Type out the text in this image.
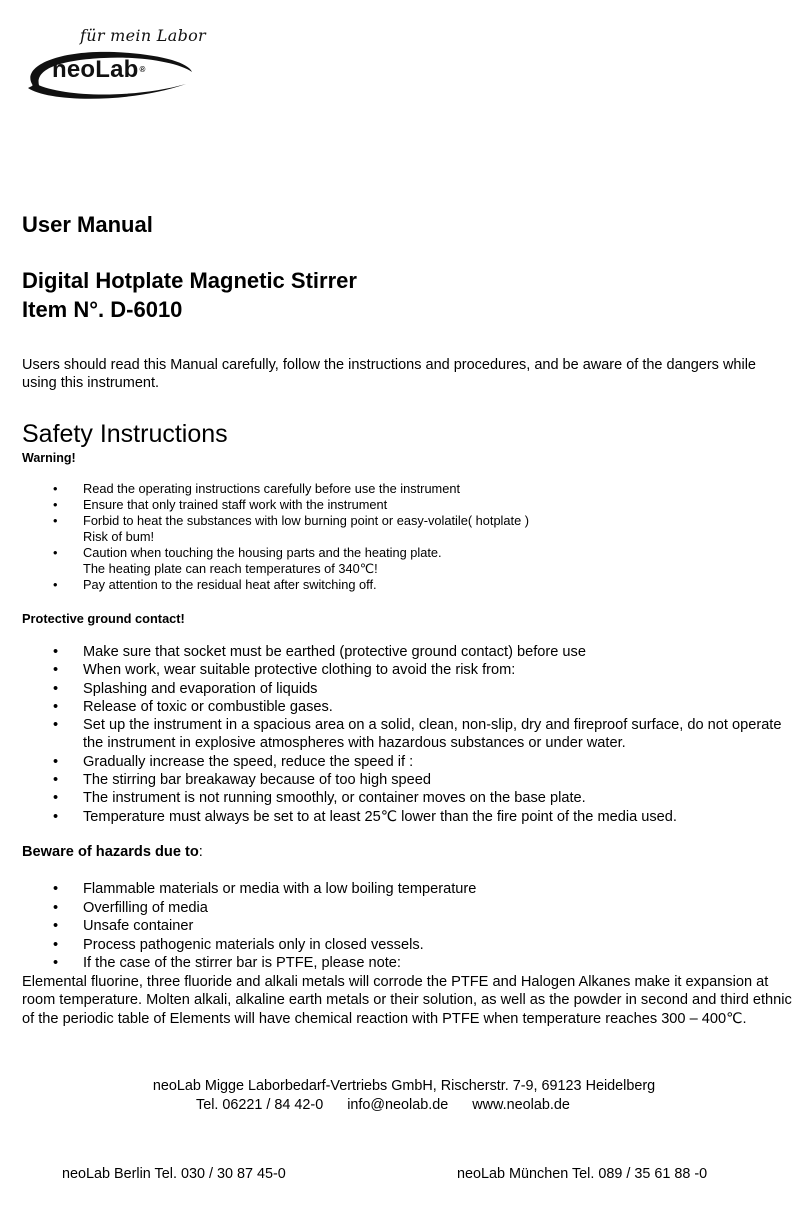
für mein Labor
neoLab®
User Manual
Digital Hotplate Magnetic Stirrer
Item N°. D-6010

Users should read this Manual carefully, follow the instructions and procedures, and be aware of the dangers while using this instrument.

Safety Instructions
Warning!
• Read the operating instructions carefully before use the instrument
• Ensure that only trained staff work with the instrument
• Forbid to heat the substances with low burning point or easy-volatile( hotplate )
Risk of bum!
• Caution when touching the housing parts and the heating plate.
The heating plate can reach temperatures of 340℃!
• Pay attention to the residual heat after switching off.
Protective ground contact!
• Make sure that socket must be earthed (protective ground contact) before use
• When work, wear suitable protective clothing to avoid the risk from:
• Splashing and evaporation of liquids
• Release of toxic or combustible gases.
• Set up the instrument in a spacious area on a solid, clean, non-slip, dry and fireproof surface, do not operate the instrument in explosive atmospheres with hazardous substances or under water.
• Gradually increase the speed, reduce the speed if :
• The stirring bar breakaway because of too high speed
• The instrument is not running smoothly, or container moves on the base plate.
• Temperature must always be set to at least 25℃ lower than the fire point of the media used.
Beware of hazards due to:
• Flammable materials or media with a low boiling temperature
• Overfilling of media
• Unsafe container
• Process pathogenic materials only in closed vessels.
• If the case of the stirrer bar is PTFE, please note:

Elemental fluorine, three fluoride and alkali metals will corrode the PTFE and Halogen Alkanes make it expansion at room temperature. Molten alkali, alkaline earth metals or their solution, as well as the powder in second and third ethnic of the periodic table of Elements will have chemical reaction with PTFE when temperature reaches 300 – 400℃.

neoLab Migge Laborbedarf-Vertriebs GmbH, Rischerstr. 7-9, 69123 Heidelberg
Tel. 06221 / 84 42-0 info@neolab.de www.neolab.de
neoLab Berlin Tel. 030 / 30 87 45-0	neoLab München Tel. 089 / 35 61 88 -0
